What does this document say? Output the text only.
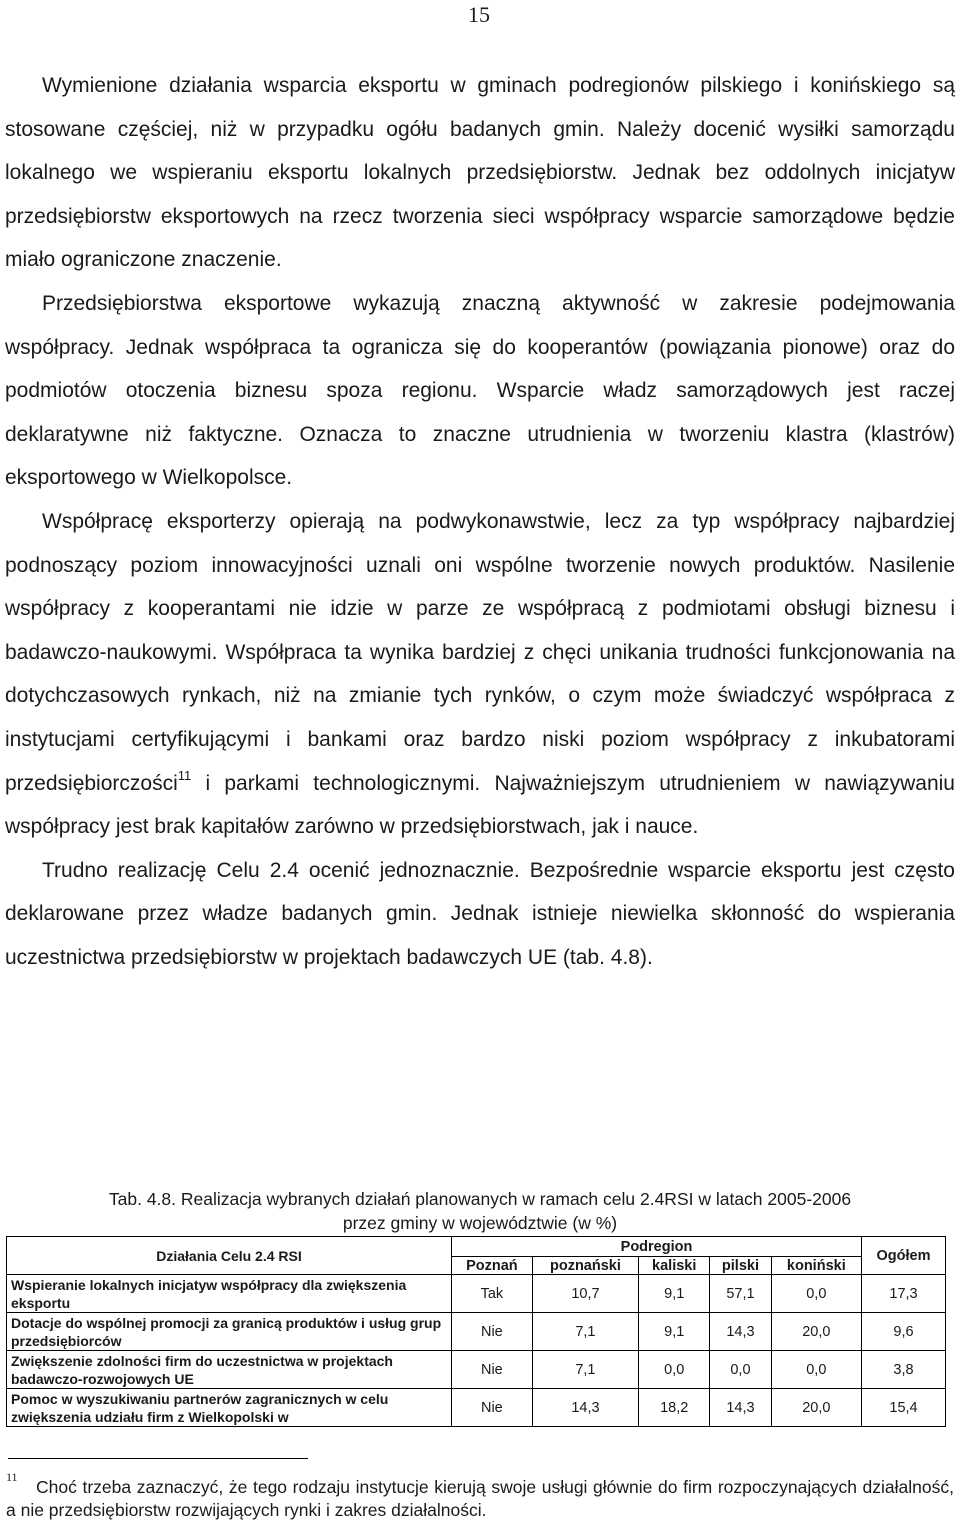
15

Wymienione działania wsparcia eksportu w gminach podregionów pilskiego i konińskiego są stosowane częściej, niż w przypadku ogółu badanych gmin. Należy docenić wysiłki samorządu lokalnego we wspieraniu eksportu lokalnych przedsiębiorstw. Jednak bez oddolnych inicjatyw przedsiębiorstw eksportowych na rzecz tworzenia sieci współpracy wsparcie samorządowe będzie miało ograniczone znaczenie.

Przedsiębiorstwa eksportowe wykazują znaczną aktywność w zakresie podejmowania współpracy. Jednak współpraca ta ogranicza się do kooperantów (powiązania pionowe) oraz do podmiotów otoczenia biznesu spoza regionu. Wsparcie władz samorządowych jest raczej deklaratywne niż faktyczne. Oznacza to znaczne utrudnienia w tworzeniu klastra (klastrów) eksportowego w Wielkopolsce.

Współpracę eksporterzy opierają na podwykonawstwie, lecz za typ współpracy najbardziej podnoszący poziom innowacyjności uznali oni wspólne tworzenie nowych produktów. Nasilenie współpracy z kooperantami nie idzie w parze ze współpracą z podmiotami obsługi biznesu i badawczo-naukowymi. Współpraca ta wynika bardziej z chęci unikania trudności funkcjonowania na dotychczasowych rynkach, niż na zmianie tych rynków, o czym może świadczyć współpraca z instytucjami certyfikującymi i bankami oraz bardzo niski poziom współpracy z inkubatorami przedsiębiorczości$^{11}$ i parkami technologicznymi. Najważniejszym utrudnieniem w nawiązywaniu współpracy jest brak kapitałów zarówno w przedsiębiorstwach, jak i nauce.

Trudno realizację Celu 2.4 ocenić jednoznacznie. Bezpośrednie wsparcie eksportu jest często deklarowane przez władze badanych gmin. Jednak istnieje niewielka skłonność do wspierania uczestnictwa przedsiębiorstw w projektach badawczych UE (tab. 4.8).

Tab. 4.8. Realizacja wybranych działań planowanych w ramach celu 2.4RSI w latach 2005-2006
przez gminy w województwie (w %)
Działania Celu 2.4 RSI	Podregion					Ogółem
	Poznań	poznański	kaliski	pilski	koniński	
Wspieranie lokalnych inicjatyw współpracy dla zwiększenia eksportu	Tak	10,7	9,1	57,1	0,0	17,3
Dotacje do wspólnej promocji za granicą produktów i usług grup przedsiębiorców	Nie	7,1	9,1	14,3	20,0	9,6
Zwiększenie zdolności firm do uczestnictwa w projektach badawczo-rozwojowych UE	Nie	7,1	0,0	0,0	0,0	3,8
Pomoc w wyszukiwaniu partnerów zagranicznych w celu zwiększenia udziału firm z Wielkopolski w	Nie	14,3	18,2	14,3	20,0	15,4
11	Choć trzeba zaznaczyć, że tego rodzaju instytucje kierują swoje usługi głównie do firm rozpoczynających działalność, a nie przedsiębiorstw rozwijających rynki i zakres działalności.
